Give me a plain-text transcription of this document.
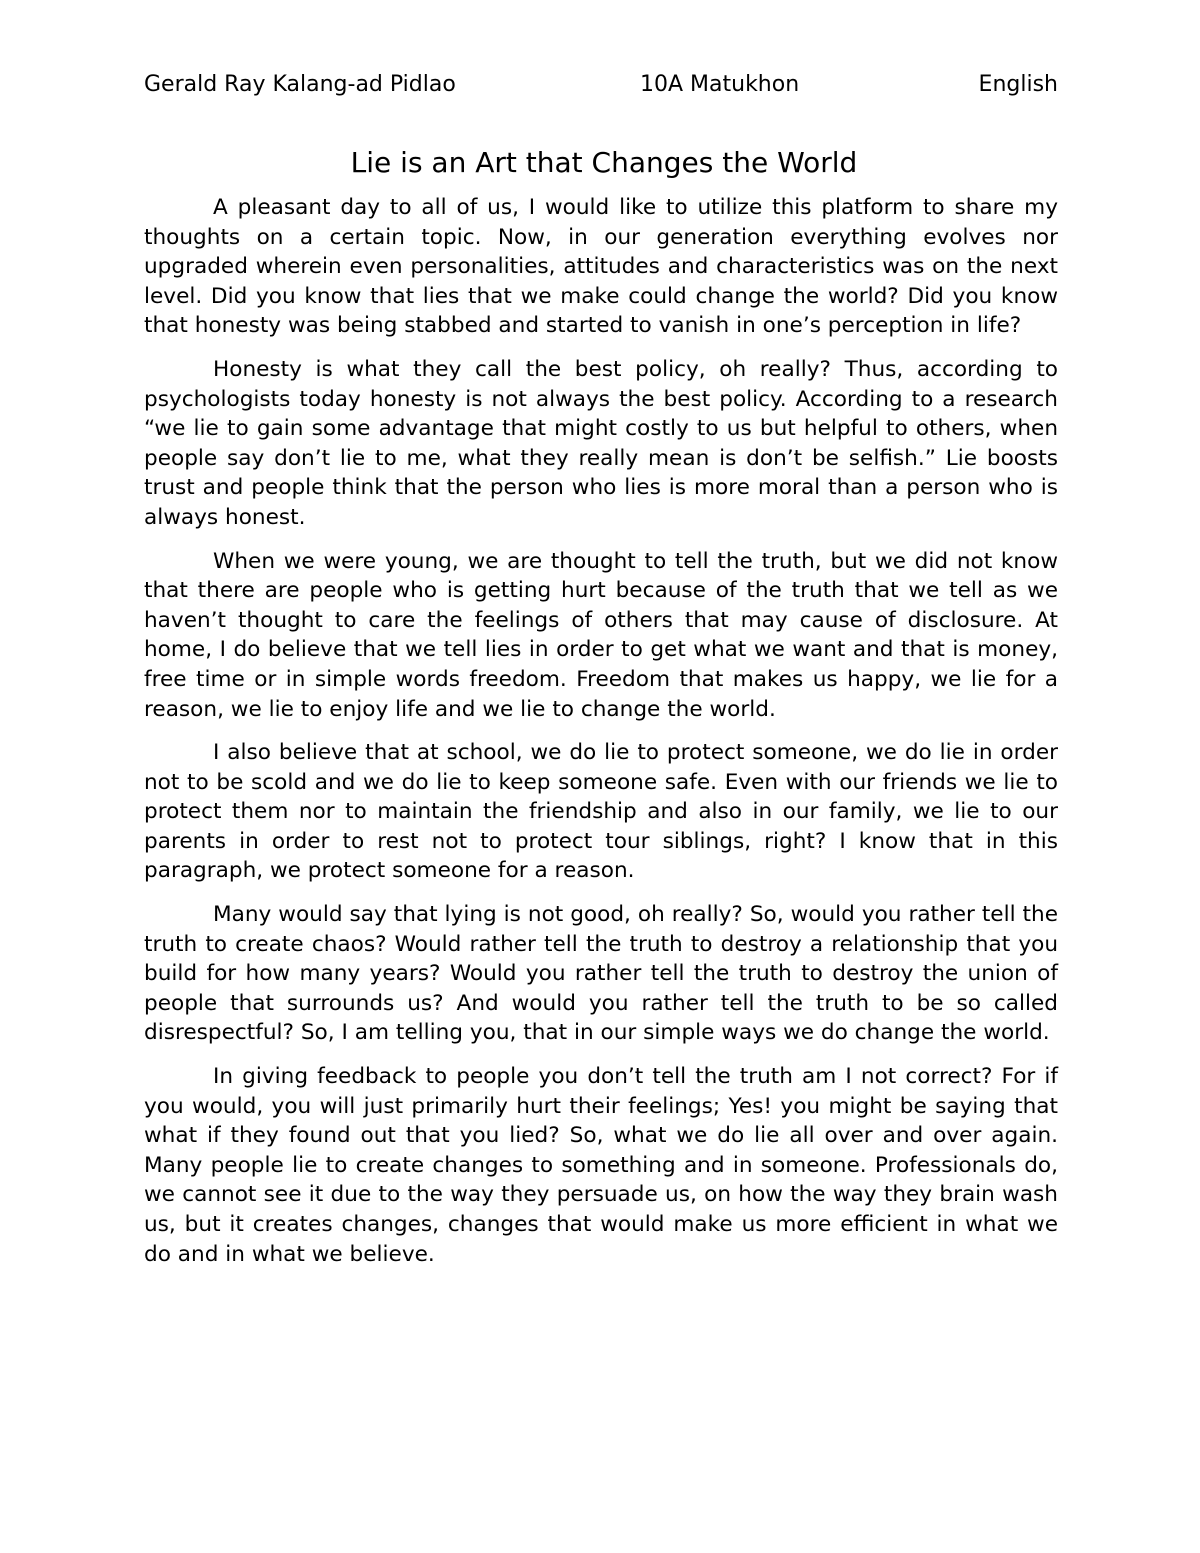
Gerald Ray Kalang-ad Pidlao	10A Matukhon	English
Lie is an Art that Changes the World

A pleasant day to all of us, I would like to utilize this platform to share my thoughts on a certain topic. Now, in our generation everything evolves nor upgraded wherein even personalities, attitudes and characteristics was on the next level. Did you know that lies that we make could change the world? Did you know that honesty was being stabbed and started to vanish in one’s perception in life?

Honesty is what they call the best policy, oh really? Thus, according to psychologists today honesty is not always the best policy. According to a research “we lie to gain some advantage that might costly to us but helpful to others, when people say don’t lie to me, what they really mean is don’t be selfish.” Lie boosts trust and people think that the person who lies is more moral than a person who is always honest.

When we were young, we are thought to tell the truth, but we did not know that there are people who is getting hurt because of the truth that we tell as we haven’t thought to care the feelings of others that may cause of disclosure. At home, I do believe that we tell lies in order to get what we want and that is money, free time or in simple words freedom. Freedom that makes us happy, we lie for a reason, we lie to enjoy life and we lie to change the world.

I also believe that at school, we do lie to protect someone, we do lie in order not to be scold and we do lie to keep someone safe. Even with our friends we lie to protect them nor to maintain the friendship and also in our family, we lie to our parents in order to rest not to protect tour siblings, right? I know that in this paragraph, we protect someone for a reason.

Many would say that lying is not good, oh really? So, would you rather tell the truth to create chaos? Would rather tell the truth to destroy a relationship that you build for how many years? Would you rather tell the truth to destroy the union of people that surrounds us? And would you rather tell the truth to be so called disrespectful? So, I am telling you, that in our simple ways we do change the world.

In giving feedback to people you don’t tell the truth am I not correct? For if you would, you will just primarily hurt their feelings; Yes! you might be saying that what if they found out that you lied? So, what we do lie all over and over again. Many people lie to create changes to something and in someone. Professionals do, we cannot see it due to the way they persuade us, on how the way they brain wash us, but it creates changes, changes that would make us more efficient in what we do and in what we believe.
